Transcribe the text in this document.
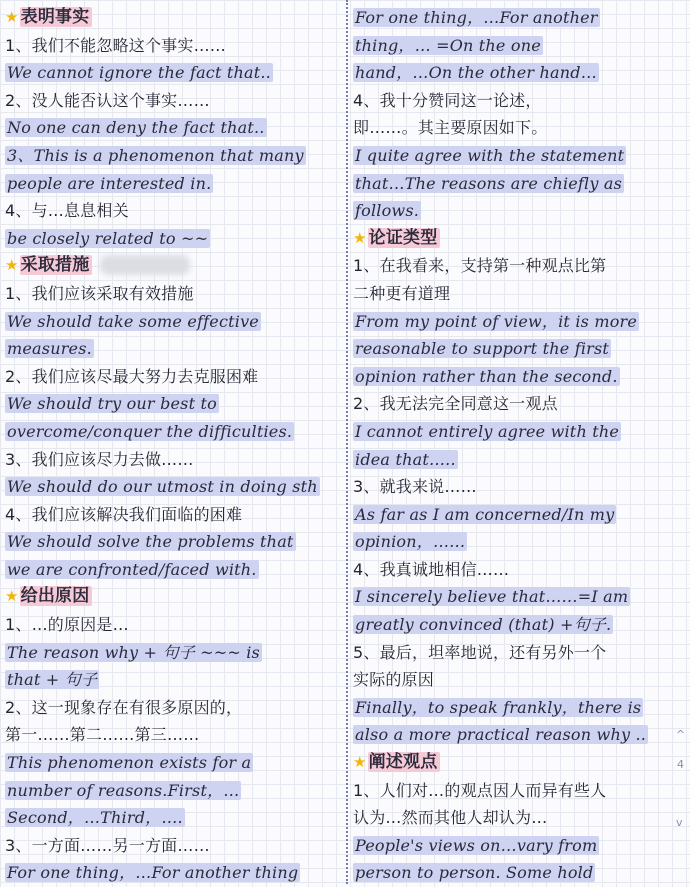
★ 表明事实
1、我们不能忽略这个事实……
We cannot ignore the fact that..
2、没人能否认这个事实……
No one can deny the fact that..
3、This is a phenomenon that many
people are interested in.
4、与…息息相关
be closely related to ~~
★ 采取措施
1、我们应该采取有效措施
We should take some effective
measures.
2、我们应该尽最大努力去克服困难
We should try our best to
overcome/conquer the difficulties.
3、我们应该尽力去做……
We should do our utmost in doing sth
4、我们应该解决我们面临的困难
We should solve the problems that
we are confronted/faced with.
★ 给出原因
1、…的原因是…
The reason why + 句子 ~~~ is
that + 句子
2、这一现象存在有很多原因的，
第一……第二……第三……
This phenomenon exists for a
number of reasons.First，…
Second，…Third，….
3、一方面……另一方面……
For one thing，…For another thing
For one thing，…For another
thing，… =On the one
hand，…On the other hand…
4、我十分赞同这一论述，
即……。其主要原因如下。
I quite agree with the statement
that…The reasons are chiefly as
follows.
★ 论证类型
1、在我看来，支持第一种观点比第
二种更有道理
From my point of view，it is more
reasonable to support the first
opinion rather than the second.
2、我无法完全同意这一观点
I cannot entirely agree with the
idea that…..
3、就我来说……
As far as I am concerned/In my
opinion，……
4、我真诚地相信……
I sincerely believe that……=I am
greatly convinced (that) +句子.
5、最后，坦率地说，还有另外一个
实际的原因
Finally，to speak frankly，there is
also a more practical reason why ..
★ 阐述观点
1、人们对…的观点因人而异有些人
认为…然而其他人却认为…
People's views on…vary from
person to person. Some hold
^
4
v
